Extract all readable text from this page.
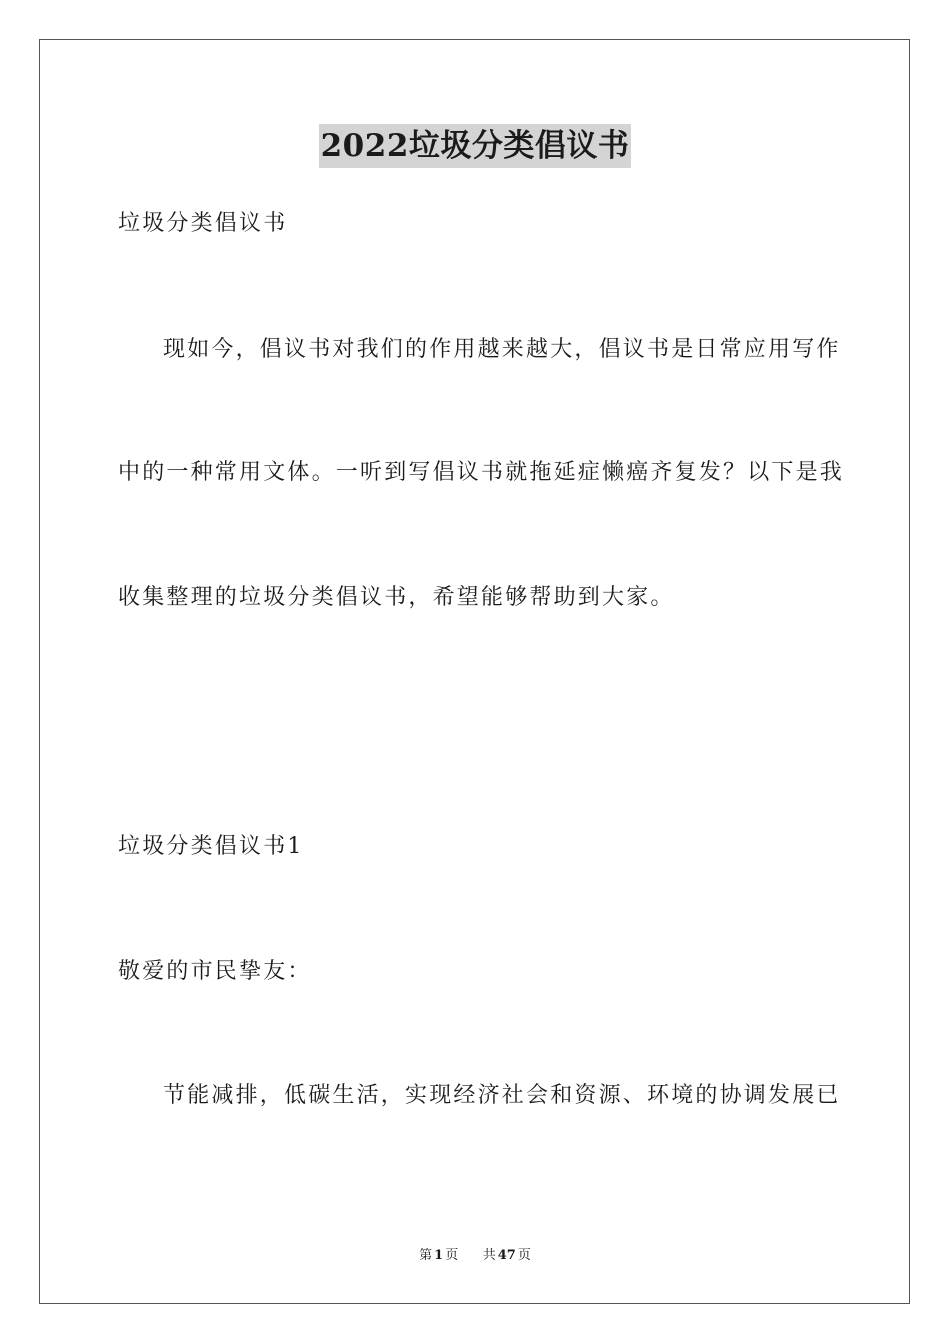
2022垃圾分类倡议书
垃圾分类倡议书
现如今，倡议书对我们的作用越来越大，倡议书是日常应用写作
中的一种常用文体。一听到写倡议书就拖延症懒癌齐复发？以下是我
收集整理的垃圾分类倡议书，希望能够帮助到大家。
垃圾分类倡议书1
敬爱的市民挚友：
节能减排，低碳生活，实现经济社会和资源、环境的协调发展已
第 1 页 共 47 页
